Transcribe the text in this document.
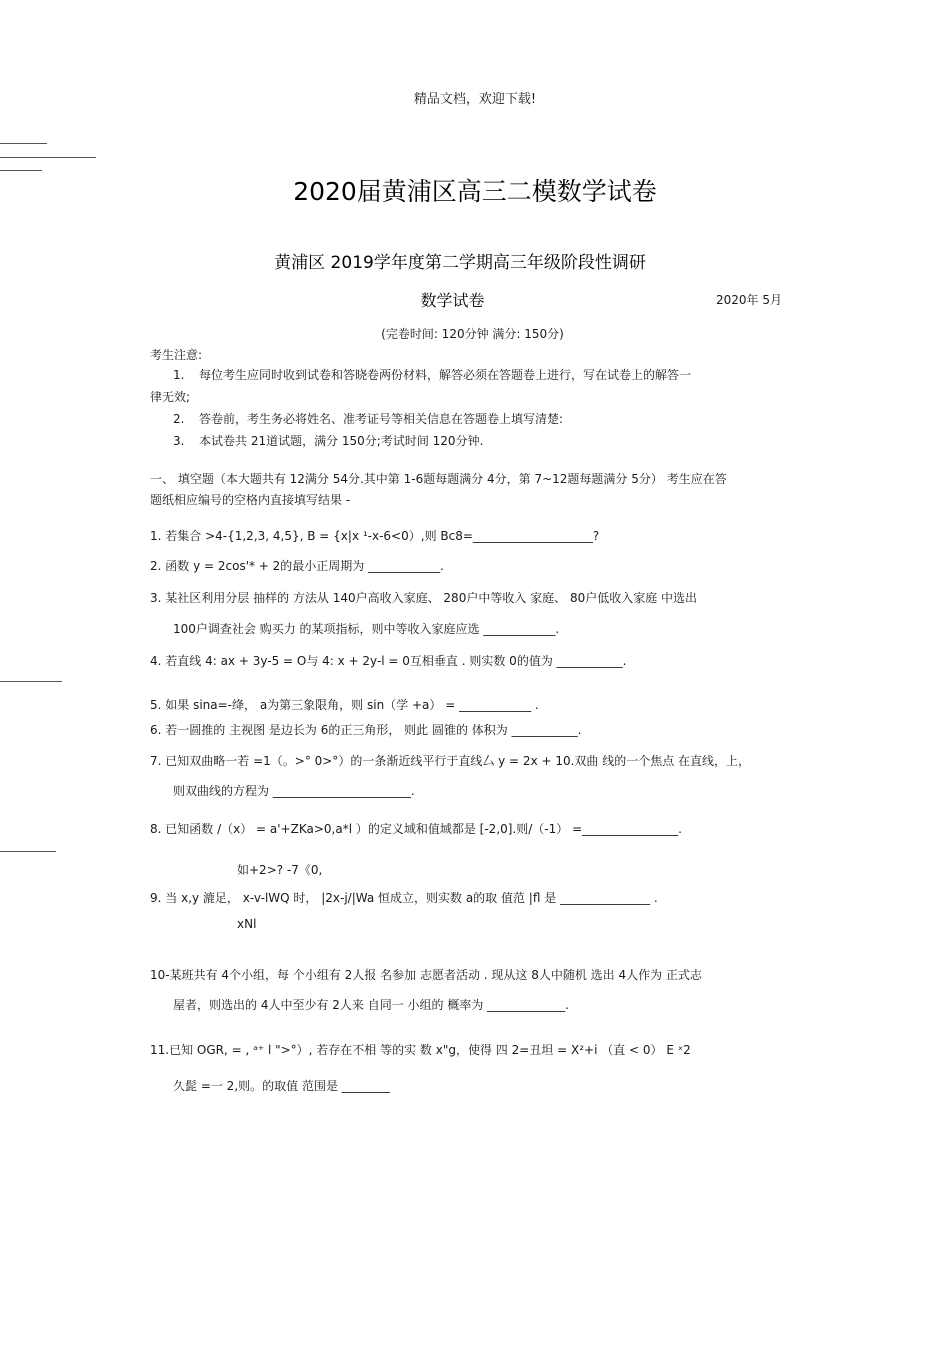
精品文档，欢迎下载!
2020届黄浦区高三二模数学试卷
黄浦区 2019学年度第二学期高三年级阶段性调研
数学试卷	2020年 5月
(完卷时间: 120分钟 满分: 150分)
考生注意:
1. 每位考生应同时收到试卷和答晓卷两份材料，解答必须在答题卷上进行，写在试卷上的解答一
律无效;
2. 答卷前，考生务必将姓名、准考证号等相关信息在答题卷上填写清楚:
3. 本试卷共 21道试题，满分 150分;考试时间 120分钟.
一、 填空题（本大题共有 12满分 54分.其中第 1-6题每题满分 4分，第 7~12题每题满分 5分） 考生应在答
题纸相应编号的空格内直接填写结果 -
1. 若集合 >4-{1,2,3, 4,5}, B = {x|x ¹-x-6<0）,则 Bc8=____________________?
2. 函数 y = 2cos'* + 2的最小正周期为 ____________.
3. 某社区利用分层 抽样的 方法从 140户高收入家庭、 280户中等收入 家庭、 80户低收入家庭 中选出
100户调查社会 购买力 的某项指标，则中等收入家庭应选 ____________.
4. 若直线 4: ax + 3y-5 = O与 4: x + 2y-l = 0互相垂直 . 则实数 0的值为 ___________.
5. 如果 sina=-绛， a为第三象限角，则 sin（学 +a） = ____________ .
6. 若一圆推的 主视图 是边长为 6的正三角形， 则此 圆锥的 体积为 ___________.
7. 已知双曲略一若 =1（。>° 0>°）的一条渐近线平行于直线厶 y = 2x + 10.双曲 线的一个焦点 在直线，上，
则双曲线的方程为 _______________________.
8. 已知函数 /（x） = a'+ZKa>0,a*l ）的定义域和值域都是 [-2,0].则/（-1） =________________.
如+2>? -7《0,
9. 当 x,y 漉足， x-v-lWQ 时， |2x-j/|Wa 恒成立，则实数 a的取 值范 |fl 是 _______________ .
xNl
10-某班共有 4个小组，每 个小组有 2人报 名参加 志愿者活动 . 现从这 8人中随机 选出 4人作为 正式志
屋者，则选出的 4人中至少有 2人来 自同一 小组的 概率为 _____________.
11.已知 OGR, = , ᵃ⁺ l ">°）, 若存在不相 等的实 数 x"g，使得 四 2=丑坦 = X²+i （直 < 0） E ˣ2
久髭 =一 2,则。的取值 范围是 ________
